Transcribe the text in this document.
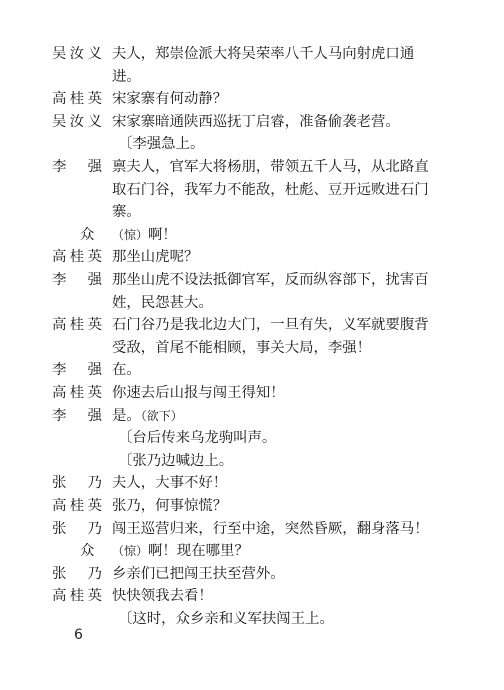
吴汝义 夫人，郑崇俭派大将吴荣率八千人马向射虎口通
进。
高桂英 宋家寨有何动静？
吴汝义 宋家寨暗通陕西巡抚丁启睿，准备偷袭老营。
〔李强急上。
李强 禀夫人，官军大将杨朋，带领五千人马，从北路直
取石门谷，我军力不能敌，杜彪、豆开远败进石门
寨。
众	（惊）啊！
高桂英 那坐山虎呢？
李强 那坐山虎不设法抵御官军，反而纵容部下，扰害百
姓，民怨甚大。
高桂英 石门谷乃是我北边大门，一旦有失，义军就要腹背
受敌，首尾不能相顾，事关大局，李强！
李强 在。
高桂英 你速去后山报与闯王得知！
李强 是。（欲下）
〔台后传来乌龙驹叫声。
〔张乃边喊边上。
张乃 夫人，大事不好！
高桂英 张乃，何事惊慌？
张乃 闯王巡营归来，行至中途，突然昏厥，翻身落马！
众	（惊）啊！现在哪里？
张乃 乡亲们已把闯王扶至营外。
高桂英 快快领我去看！
〔这时，众乡亲和义军扶闯王上。
6
